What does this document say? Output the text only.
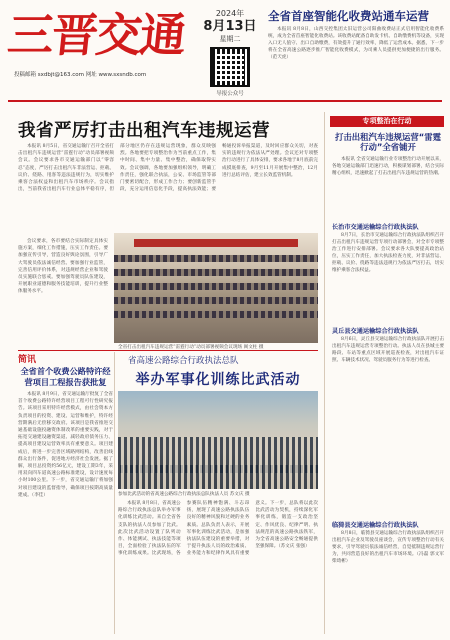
三晋交通
投稿邮箱 sxdbjt@163.com 网址 www.sxsndb.com
2024年
8月13日
星期二
导报公众号
全省首座智能化收费站通车运营
本报讯 8月8日，山西交控集团太旧运营公司阳曲收费站正式启用智能化收费系统，成为全省首座智能化收费站。该收费站配备自助发卡机、自助缴费机等设备，实现入口无人值守、出口自助缴费，有效提升了通行效率，降低了运营成本。据悉，下一步将在全省高速公路逐步推广智能化收费模式，为司乘人员提供更加便捷的出行服务。（范天虎）
我省严厉打击出租汽车违规运营
本报讯 8月5日，省交通运输厅召开全省打击出租汽车违规运营“雷霆行动”动员部署视频会议。会议要求各市交通运输部门以“零容忍”态度，严厉打击出租汽车非法营运、拒载、议价、绕路、甩客等违法违规行为，切实维护乘客合法权益和出租汽车市场秩序。会议指出，当前我省出租汽车行业总体平稳有序，但部分地区仍存在违规运营现象，群众反映强烈。各地要把专项整治作为当前重点工作，集中时间、集中力量、集中整治，确保取得实效。会议强调，各地要加强组织领导，明确工作责任，强化联合执法，公安、市场监管等部门要密切配合，形成工作合力；要创新监管手段，充分运用信息化手段，提高执法效能；要畅通投诉举报渠道，及时回应群众关切，对查实的违规行为依法从严处理。会议还对专项整治行动进行了具体安排，要求各地于8月底前完成摸底排查，9月至11月开展集中整治，12月进行总结评估，建立长效监管机制。
会议要求，各市要结合实际制定具体实施方案，细化工作措施，压实工作责任。要加强宣传引导，营造良好舆论氛围，引导广大驾驶员依法诚信经营。要加强行业监管，完善信用评价体系，对违规经营企业和驾驶员实施联合惩戒。要加强驾驶员队伍建设，开展职业道德和服务技能培训，提升行业整体服务水平。
全省打击出租汽车违规运营“雷霆行动”动员部署视频会议现场 阎文柱 摄
专项整治在行动
打击出租汽车违规运营“雷霆行动”全省铺开
本报讯 全省交通运输行业专项整治行动开展以来，各地交通运输部门迅速行动，积极谋划部署，结合实际精心组织，迅速掀起了打击出租汽车违规运营的热潮。
长治市交通运输综合行政执法队
8月7日，长治市交通运输综合行政执法队组织召开打击出租汽车违规运营专项行动部署会，对全市专项整治工作进行安排部署。会议要求各大队要提高政治站位，压实工作责任，加大执法检查力度，对非法营运、拒载、议价、绕路等违法违规行为依法严厉打击，切实维护乘客合法权益。
灵丘县交通运输综合行政执法队
8月6日，灵丘县交通运输综合行政执法队开展打击出租汽车违规运营专项整治行动。执法人员在县城主要路段、车站等重点区域开展巡查检查，对出租汽车证照、车辆技术状况、驾驶员服务行为等进行检查。
临猗县交通运输综合行政执法队
8月8日，临猗县交通运输综合行政执法队组织召开出租汽车企业及驾驶员座谈会，宣传专项整治行动有关要求，引导驾驶员依法诚信经营，自觉抵制违规运营行为，共同营造良好的出租汽车市场环境。（冯磊 郭文军 柴琦彬）
简讯
全省首个收费公路特许经营项目工程报告获批复
本报讯 8月9日，省交通运输厅批复了全省首个收费公路特许经营项目工程可行性研究报告。该项目采用特许经营模式，由社会资本方负责项目的投资、建设、运营和维护，特许经营期满后无偿移交政府。该项目是我省推进交通基础设施投融资体制改革的重要实践，对于拓宽交通建设融资渠道、减轻政府债务压力、提高项目建设运营效率具有重要意义。项目建成后，将进一步完善区域路网结构，改善沿线群众出行条件，促进地方经济社会发展。据了解，项目总投资约56亿元，建设工期3年，采用双向四车道高速公路标准建设，设计速度每小时100公里。下一步，省交通运输厅将加强对项目建设的监督指导，确保项目按期高质量建成。（李佳）
省高速公路综合行政执法总队
举办军事化训练比武活动
参加比武活动的省高速公路综合行政执法总队执法人员 苏文庆 摄
本报讯 8月8日，省高速公路综合行政执法总队举办军事化训练比武活动。来自全省各支队的执法人员参加了比武。此次比武活动设置了队列动作、体能测试、执法技能等项目，全面检验了执法队伍的军事化训练成果。比武现场，各参赛队伍精神饱满、斗志昂扬，展现了高速公路执法队伍良好的精神风貌和过硬的业务素质。总队负责人表示，开展军事化训练比武活动，是加强执法队伍建设的重要举措，对于提升执法人员的政治素质、业务能力和纪律作风具有重要意义。下一步，总队将以此次比武活动为契机，持续深化军事化训练，锻造一支政治坚定、作风优良、纪律严明、执法规范的高速公路执法铁军，为全省高速公路安全畅通提供坚强保障。（苏文庆 张强）
